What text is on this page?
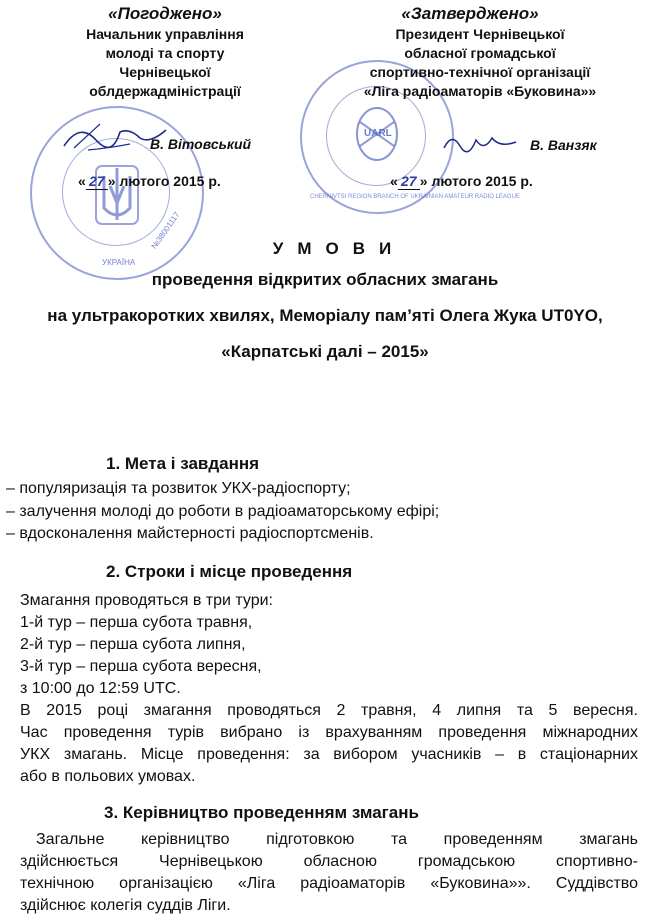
№38001117
УКРАЇНА
UARL
CHERNIVTSI REGION BRANCH OF UKRAINIAN AMATEUR RADIO LEAGUE
«Погоджено»
Начальник управління
молоді та спорту
Чернівецької
облдержадміністрації
В. Вітовський
« 27 » лютого 2015 р.
«Затверджено»
Президент Чернівецької
обласної громадської
спортивно-технічної організації
«Ліга радіоаматорів «Буковина»»
В. Ванзяк
« 27 » лютого 2015 р.
УМОВИ
проведення відкритих обласних змагань
на ультракоротких хвилях, Меморіалу пам’яті Олега Жука UT0YO,
«Карпатські далі – 2015»
1. Мета і завдання
– популяризація та розвиток УКХ-радіоспорту;
– залучення молоді до роботи в радіоаматорському ефірі;
– вдосконалення майстерності радіоспортсменів.
2. Строки і місце проведення
Змагання проводяться в три тури:
1-й тур – перша субота травня,
2-й тур – перша субота липня,
3-й тур – перша субота вересня,
з 10:00 до 12:59 UTC.
В 2015 році змагання проводяться 2 травня, 4 липня та 5 вересня.
Час проведення турів вибрано із врахуванням проведення міжнародних
УКХ змагань. Місце проведення: за вибором учасників – в стаціонарних
або в польових умовах.
3. Керівництво проведенням змагань
Загальне керівництво підготовкою та проведенням змагань
здійснюється Чернівецькою обласною громадською спортивно-
технічною організацією «Ліга радіоаматорів «Буковина»». Суддівство
здійснює колегія суддів Ліги.
